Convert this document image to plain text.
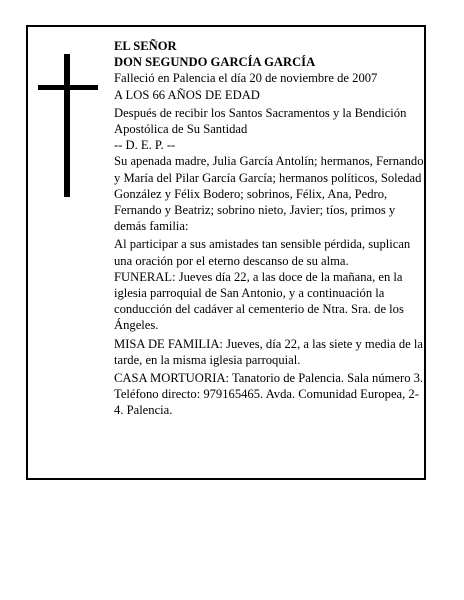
EL SEÑOR

DON SEGUNDO GARCÍA GARCÍA

Falleció en Palencia el día 20 de noviembre de 2007

A LOS 66 AÑOS DE EDAD

Después de recibir los Santos Sacramentos y la Bendición Apostólica de Su Santidad

-- D. E. P. --

Su apenada madre, Julia García Antolín; hermanos, Fernando y María del Pilar García García; hermanos políticos, Soledad González y Félix Bodero; sobrinos, Félix, Ana, Pedro, Fernando y Beatriz; sobrino nieto, Javier; tíos, primos y demás familia:

Al participar a sus amistades tan sensible pérdida, suplican una oración por el eterno descanso de su alma.

FUNERAL: Jueves día 22, a las doce de la mañana, en la iglesia parroquial de San Antonio, y a continuación la conducción del cadáver al cementerio de Ntra. Sra. de los Ángeles.

MISA DE FAMILIA: Jueves, día 22, a las siete y media de la tarde, en la misma iglesia parroquial.

CASA MORTUORIA: Tanatorio de Palencia. Sala número 3. Teléfono directo: 979165465. Avda. Comunidad Europea, 2-4. Palencia.
